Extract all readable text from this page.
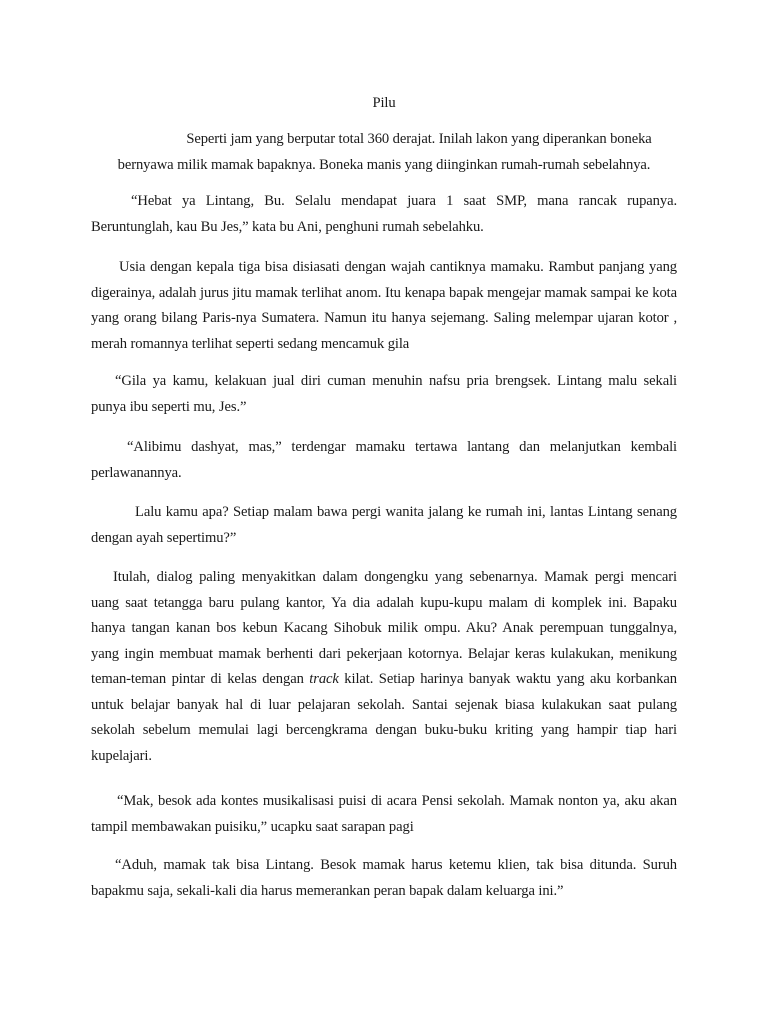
Pilu

Seperti jam yang berputar total 360 derajat. Inilah lakon yang diperankan boneka
bernyawa milik mamak bapaknya. Boneka manis yang diinginkan rumah-rumah sebelahnya.

“Hebat ya Lintang, Bu. Selalu mendapat juara 1 saat SMP, mana rancak rupanya. Beruntunglah, kau Bu Jes,” kata bu Ani, penghuni rumah sebelahku.

Usia dengan kepala tiga bisa disiasati dengan wajah cantiknya mamaku. Rambut panjang yang digerainya, adalah jurus jitu mamak terlihat anom. Itu kenapa bapak mengejar mamak sampai ke kota yang orang bilang Paris-nya Sumatera. Namun itu hanya sejemang. Saling melempar ujaran kotor , merah romannya terlihat seperti sedang mencamuk gila

“Gila ya kamu, kelakuan jual diri cuman menuhin nafsu pria brengsek. Lintang malu sekali punya ibu seperti mu, Jes.”

“Alibimu dashyat, mas,” terdengar mamaku tertawa lantang dan melanjutkan kembali perlawanannya.

Lalu kamu apa? Setiap malam bawa pergi wanita jalang ke rumah ini, lantas Lintang senang dengan ayah sepertimu?”

Itulah, dialog paling menyakitkan dalam dongengku yang sebenarnya. Mamak pergi mencari uang saat tetangga baru pulang kantor, Ya dia adalah kupu-kupu malam di komplek ini. Bapaku hanya tangan kanan bos kebun Kacang Sihobuk milik ompu. Aku? Anak perempuan tunggalnya, yang ingin membuat mamak berhenti dari pekerjaan kotornya. Belajar keras kulakukan, menikung teman-teman pintar di kelas dengan track kilat. Setiap harinya banyak waktu yang aku korbankan untuk belajar banyak hal di luar pelajaran sekolah. Santai sejenak biasa kulakukan saat pulang sekolah sebelum memulai lagi bercengkrama dengan buku-buku kriting yang hampir tiap hari kupelajari.

“Mak, besok ada kontes musikalisasi puisi di acara Pensi sekolah. Mamak nonton ya, aku akan tampil membawakan puisiku,” ucapku saat sarapan pagi

“Aduh, mamak tak bisa Lintang. Besok mamak harus ketemu klien, tak bisa ditunda. Suruh bapakmu saja, sekali-kali dia harus memerankan peran bapak dalam keluarga ini.”
